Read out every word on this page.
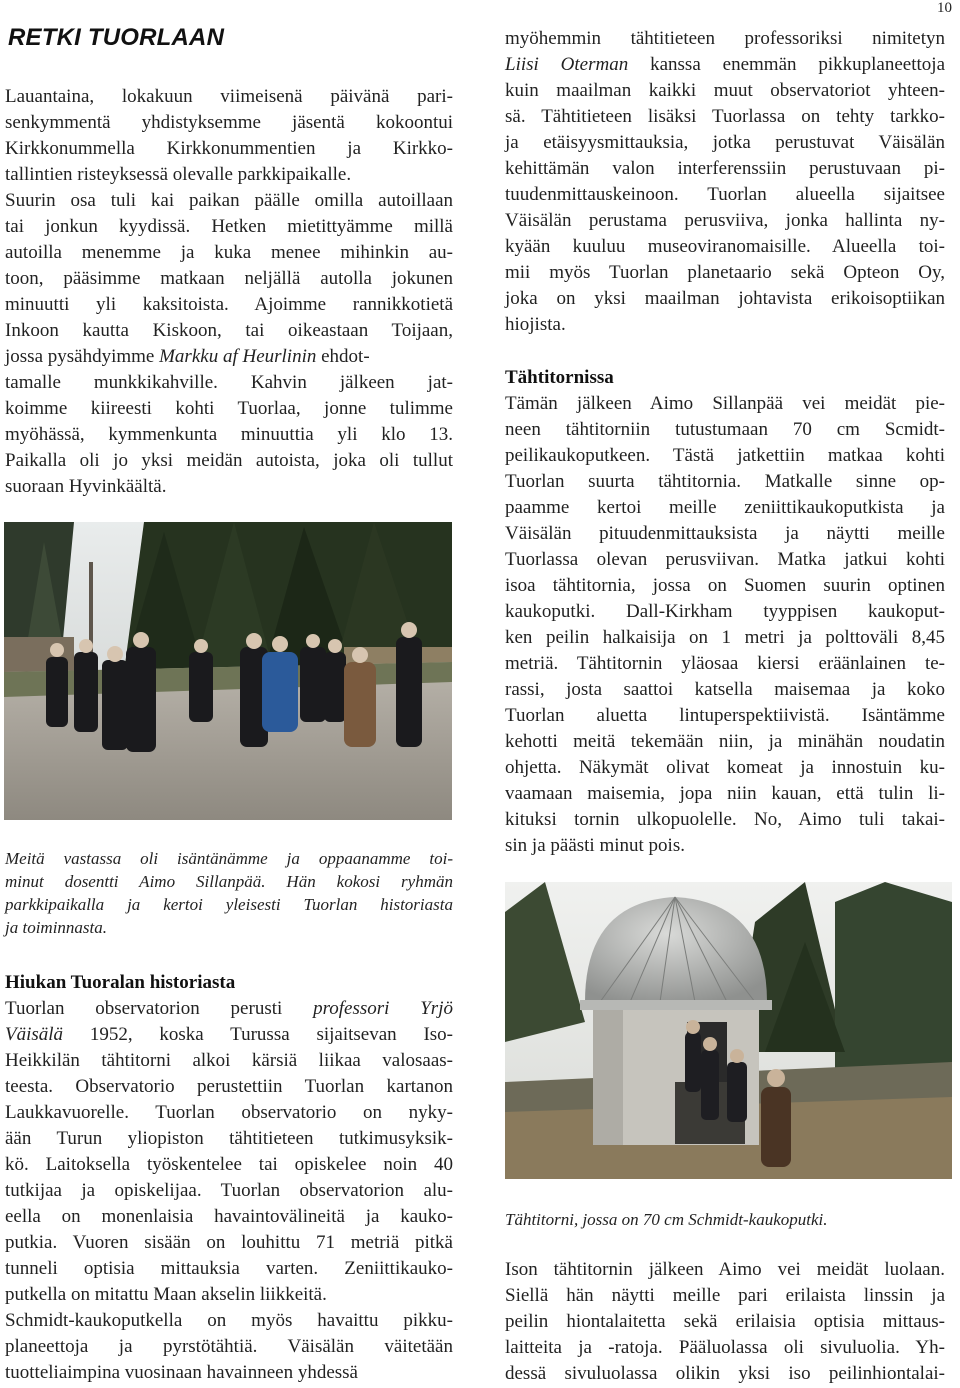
10
RETKI TUORLAAN
Lauantaina, lokakuun viimeisenä päivänä pari-
senkymmentä yhdistyksemme jäsentä kokoontui
Kirkkonummella Kirkkonummentien ja Kirkko-
tallintien risteyksessä olevalle parkkipaikalle.
Suurin osa tuli kai paikan päälle omilla autoillaan
tai jonkun kyydissä. Hetken mietittyämme millä
autoilla menemme ja kuka menee mihinkin au-
toon, pääsimme matkaan neljällä autolla jokunen
minuutti yli kaksitoista. Ajoimme rannikkotietä
Inkoon kautta Kiskoon, tai oikeastaan Toijaan,
jossa pysähdyimme Markku af Heurlinin ehdot-
tamalle munkkikahville. Kahvin jälkeen jat-
koimme kiireesti kohti Tuorlaa, jonne tulimme
myöhässä, kymmenkunta minuuttia yli klo 13.
Paikalla oli jo yksi meidän autoista, joka oli tullut
suoraan Hyvinkäältä.
Meitä vastassa oli isäntänämme ja oppaanamme toi-
minut dosentti Aimo Sillanpää. Hän kokosi ryhmän
parkkipaikalla ja kertoi yleisesti Tuorlan historiasta
ja toiminnasta.
Hiukan Tuoralan historiasta
Tuorlan observatorion perusti professori Yrjö
Väisälä 1952, koska Turussa sijaitsevan Iso-
Heikkilän tähtitorni alkoi kärsiä liikaa valosaas-
teesta. Observatorio perustettiin Tuorlan kartanon
Laukkavuorelle. Tuorlan observatorio on nyky-
ään Turun yliopiston tähtitieteen tutkimusyksik-
kö. Laitoksella työskentelee tai opiskelee noin 40
tutkijaa ja opiskelijaa. Tuorlan observatorion alu-
eella on monenlaisia havaintovälineitä ja kauko-
putkia. Vuoren sisään on louhittu 71 metriä pitkä
tunneli optisia mittauksia varten. Zeniittikauko-
putkella on mitattu Maan akselin liikkeitä.
Schmidt-kaukoputkella on myös havaittu pikku-
planeettoja ja pyrstötähtiä. Väisälän väitetään
tuotteliaimpina vuosinaan havainneen yhdessä
myöhemmin tähtitieteen professoriksi nimitetyn
Liisi Oterman kanssa enemmän pikkuplaneettoja
kuin maailman kaikki muut observatoriot yhteen-
sä. Tähtitieteen lisäksi Tuorlassa on tehty tarkko-
ja etäisyysmittauksia, jotka perustuvat Väisälän
kehittämän valon interferenssiin perustuvaan pi-
tuudenmittauskeinoon. Tuorlan alueella sijaitsee
Väisälän perustama perusviiva, jonka hallinta ny-
kyään kuuluu museoviranomaisille. Alueella toi-
mii myös Tuorlan planetaario sekä Opteon Oy,
joka on yksi maailman johtavista erikoisoptiikan
hiojista.
Tähtitornissa
Tämän jälkeen Aimo Sillanpää vei meidät pie-
neen tähtitorniin tutustumaan 70 cm Scmidt-
peilikaukoputkeen. Tästä jatkettiin matkaa kohti
Tuorlan suurta tähtitornia. Matkalle sinne op-
paamme kertoi meille zeniittikaukoputkista ja
Väisälän pituudenmittauksista ja näytti meille
Tuorlassa olevan perusviivan. Matka jatkui kohti
isoa tähtitornia, jossa on Suomen suurin optinen
kaukoputki. Dall-Kirkham tyyppisen kaukoput-
ken peilin halkaisija on 1 metri ja polttoväli 8,45
metriä. Tähtitornin yläosaa kiersi eräänlainen te-
rassi, josta saattoi katsella maisemaa ja koko
Tuorlan aluetta lintuperspektiivistä. Isäntämme
kehotti meitä tekemään niin, ja minähän noudatin
ohjetta. Näkymät olivat komeat ja innostuin ku-
vaamaan maisemia, jopa niin kauan, että tulin li-
kituksi tornin ulkopuolelle. No, Aimo tuli takai-
sin ja päästi minut pois.
Tähtitorni, jossa on 70 cm Schmidt-kaukoputki.
Ison tähtitornin jälkeen Aimo vei meidät luolaan.
Siellä hän näytti meille pari erilaista linssin ja
peilin hiontalaitetta sekä erilaisia optisia mittaus-
laitteita ja -ratoja. Pääluolassa oli sivuluolia. Yh-
dessä sivuluolassa olikin yksi iso peilinhiontalai-
